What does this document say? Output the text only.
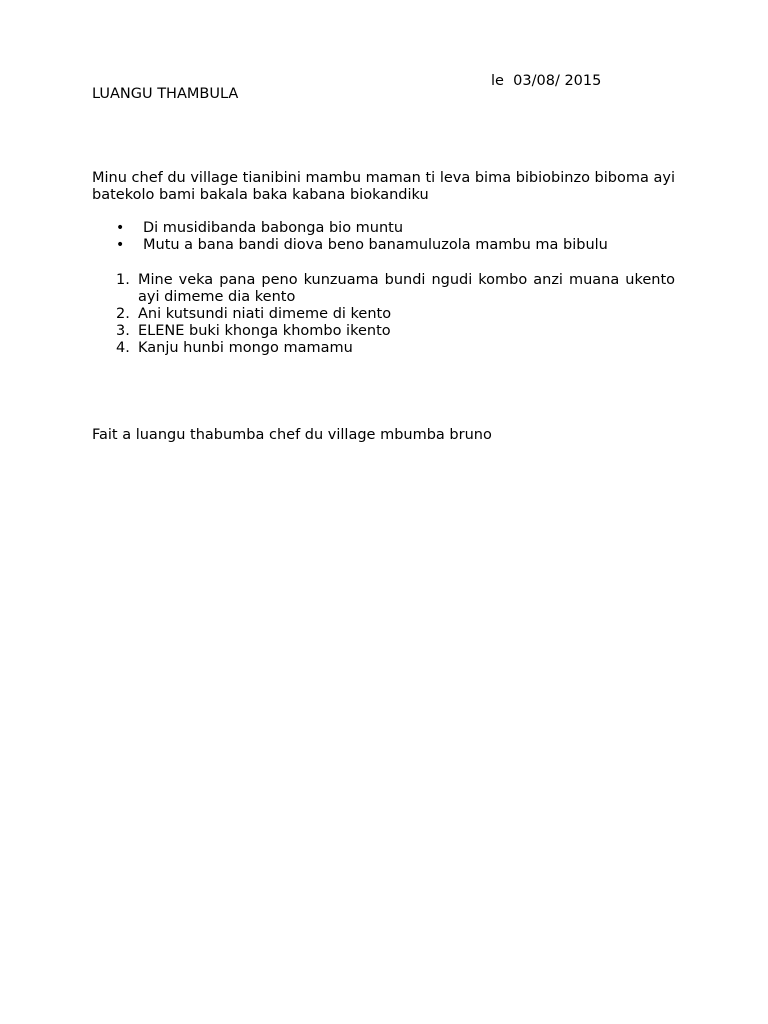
le  03/08/ 2015
LUANGU THAMBULA
Minu chef du village tianibini mambu maman ti leva bima bibiobinzo biboma ayi batekolo bami bakala baka kabana biokandiku
• Di musidibanda babonga bio muntu
• Mutu a bana bandi diova beno banamuluzola mambu ma bibulu
1. Mine veka pana peno kunzuama bundi ngudi kombo anzi muana ukento ayi dimeme dia kento
2. Ani kutsundi niati dimeme di kento
3. ELENE buki khonga khombo ikento
4. Kanju hunbi mongo mamamu
Fait a luangu thabumba chef du village mbumba bruno
